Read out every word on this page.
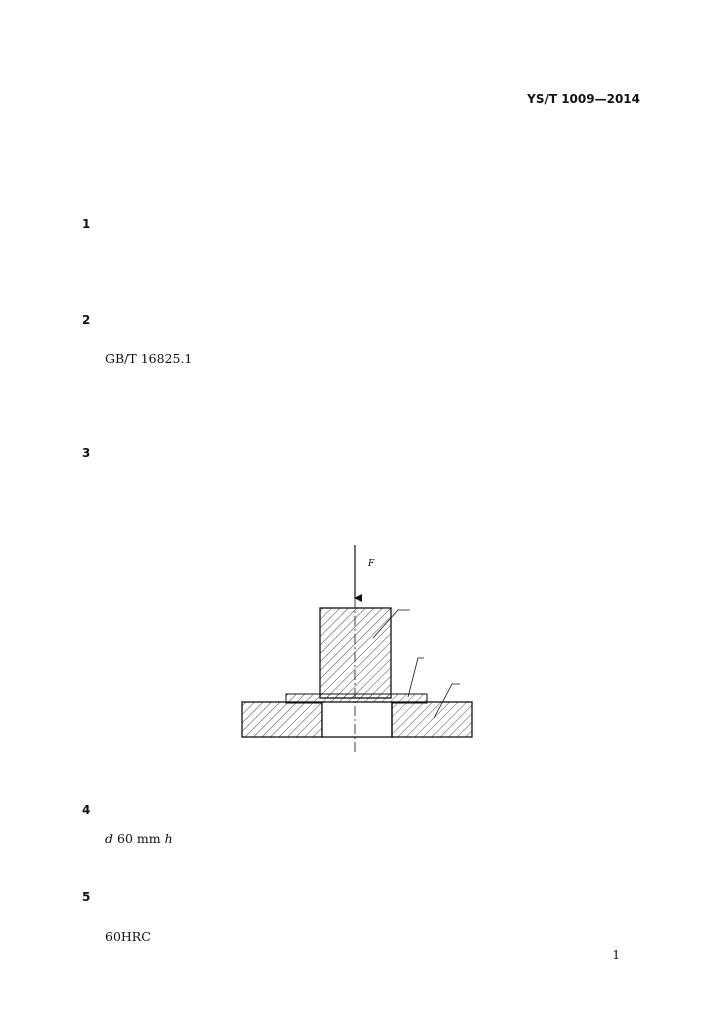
YS/T 1009—2014
1

2

GB/T 16825.1

3

F
4

d 60 mm h

5

60HRC

1
